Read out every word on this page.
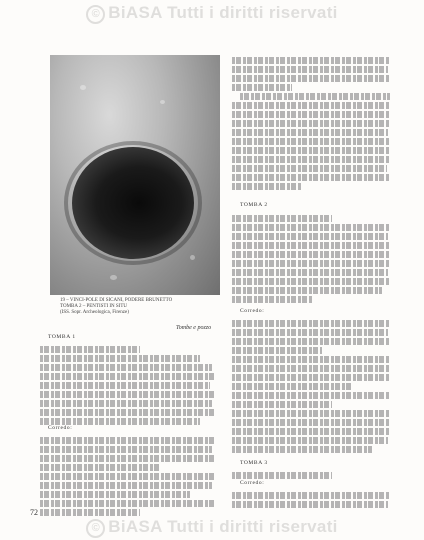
© BiASA Tutti i diritti riservati
19 – VINCI-POLE DI SICANI, PODERE BRUNETTO
TOMBA 2 – PENTISTI IN SITU
(ISS. Sopr. Archeologica, Firenze)
Tombe e pozzo
TOMBA 2
Corredo:
TOMBA 3
Corredo:
TOMBA 1
Corredo:
72
© BiASA Tutti i diritti riservati
